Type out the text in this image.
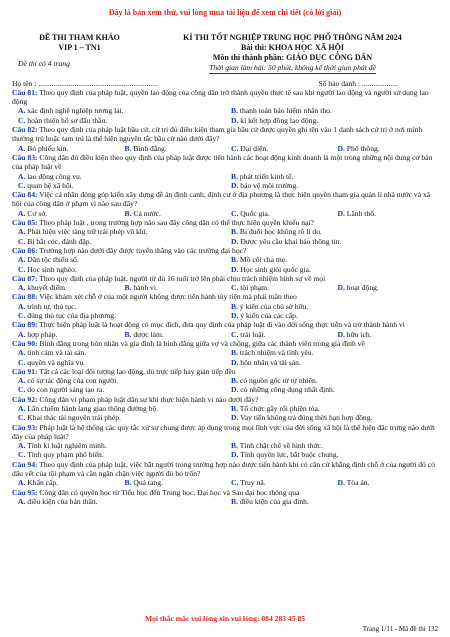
Đây là bản xem thử, vui lòng mua tài liệu để xem chi tiết (có lời giải)
ĐỀ THI THAM KHẢO
VIP 1 – TN1
Đề thi có 4 trang
KÌ THI TỐT NGHIỆP TRUNG HỌC PHỔ THÔNG NĂM 2024
Bài thi: KHOA HỌC XÃ HỘI
Môn thi thành phần: GIÁO DỤC CÔNG DÂN
Thời gian làm bài: 50 phút, không kể thời gian phát đề
Họ tên : ...............................................................	Số báo danh : ...................
Câu 81: Theo quy định của pháp luật, quyền lao động của công dân trở thành quyền thực tế sau khi người lao động và người sử dụng lao động
A. xác định nghề nghiệp tương lai.	B. thanh toán bảo hiểm nhân thọ.
C. hoàn thiện hồ sơ đấu thầu.	D. kí kết hợp đồng lao động.
Câu 82: Theo quy định của pháp luật bầu cử, cử tri đủ điều kiện tham gia bầu cử được quyền ghi tên vào 1 danh sách cử tri ở nơi mình thường trú hoặc tạm trú là thể hiện nguyên tắc bầu cử nào dưới đây?
A. Bỏ phiếu kín.	B. Bình đẳng.	C. Đại diện.	D. Phổ thông.
Câu 83: Công dân đủ điều kiện theo quy định của pháp luật được tiến hành các hoạt động kinh doanh là một trong những nội dung cơ bản của pháp luật về
A. lao động công vụ.	B. phát triển kinh tế.
C. quan hệ xã hội.	D. bảo vệ môi trường.
Câu 84: Việc cá nhân đóng góp kiến xây dựng đề án định canh, định cư ở địa phương là thực hiện quyền tham gia quản lí nhà nước và xã hội của công dân ở phạm vi nào sau đây?
A. Cơ sở.	B. Cả nước.	C. Quốc gia.	D. Lãnh thổ.
Câu 85: Theo pháp luật , trong trường hợp nào sau đây công dân có thể thực hiện quyền khiếu nại?
A. Phát hiện việc tàng trữ trái phép vũ khí.	B. Bị đuổi học không rõ lí do.
C. Bị bắt cóc, đánh đập.	D. Được yêu cầu khai báo thông tin.
Câu 86: Trường hợp nào dưới đây được tuyển thẳng vào các trường đại học?
A. Dân tộc thiểu số.	B. Mồ côi cha mẹ.
C. Học sinh nghèo.	D. Học sinh giỏi quốc gia.
Câu 87: Theo quy định của pháp luật, người từ đủ 16 tuổi trở lên phải chịu trách nhiệm hình sự về mọi
A. khuyết điểm.	B. hành vi.	C. tội phạm.	D. hoạt động.
Câu 88: Việc khám xét chỗ ở của một người không được tiến hành tùy tiện mà phải tuân theo
A. trình tự, thủ tục.	B. ý kiến của chủ sở hữu.
C. đúng thủ tục của địa phương.	D. ý kiến của các cấp.
Câu 89: Thực hiện pháp luật là hoạt động có mục đích, đưa quy định của pháp luật đi vào đời sống thực tiễn và trở thành hành vi
A. hợp pháp.	B. được làm.	C. trái luật.	D. hữu ích.
Câu 90: Bình đẳng trong hôn nhân và gia đình là bình đẳng giữa vợ và chồng, giữa các thành viên trong gia đình về
A. tình cảm và tài sản.	B. trách nhiệm và tình yêu.
C. quyền và nghĩa vụ.	D. hôn nhân và tài sản.
Câu 91: Tất cả các loại đối tượng lao động, dù trực tiếp hay gián tiếp đều
A. có sự tác động của con người.	B. có nguồn gốc từ tự nhiên.
C. do con người sáng tạo ra.	D. có những công dụng nhất định.
Câu 92: Công dân vi phạm pháp luật dân sự khi thực hiện hành vi nào dưới đây?
A. Lấn chiếm hành lang giao thông đường bộ.	B. Tổ chức gây rối phiên tòa.
C. Khai thác tài nguyên trái phép.	D. Vay tiền không trả đúng thời hạn hợp đồng.
Câu 93: Pháp luật là hệ thống các quy tắc xử sự chung được áp dụng trong mọi lĩnh vực của đời sống xã hội là thể hiện đặc trưng nào dưới đây của pháp luật?
A. Tính kỉ luật nghiêm minh.	B. Tính chặt chẽ về hình thức.
C. Tính quy phạm phổ biến.	D. Tính quyền lực, bắt buộc chung.
Câu 94: Theo quy định của pháp luật, việc bắt người trong trường hợp nào được tiến hành khi có căn cứ khẳng định chỗ ở của người đó có dấu vết của tội phạm và cần ngăn chặn việc người đó bỏ trốn?
A. Khẩn cấp.	B. Quả tang.	C. Truy nã.	D. Tòa án.
Câu 95: Công dân có quyền học từ Tiểu học đến Trung học, Đại học và Sau đại học thông qua
A. điều kiện của bản thân.	B. điều kiện của gia đình.
Mọi thắc mắc vui lòng xin vui lòng: 084 283 45 85
Trang 1/11 - Mã đề thi 132
